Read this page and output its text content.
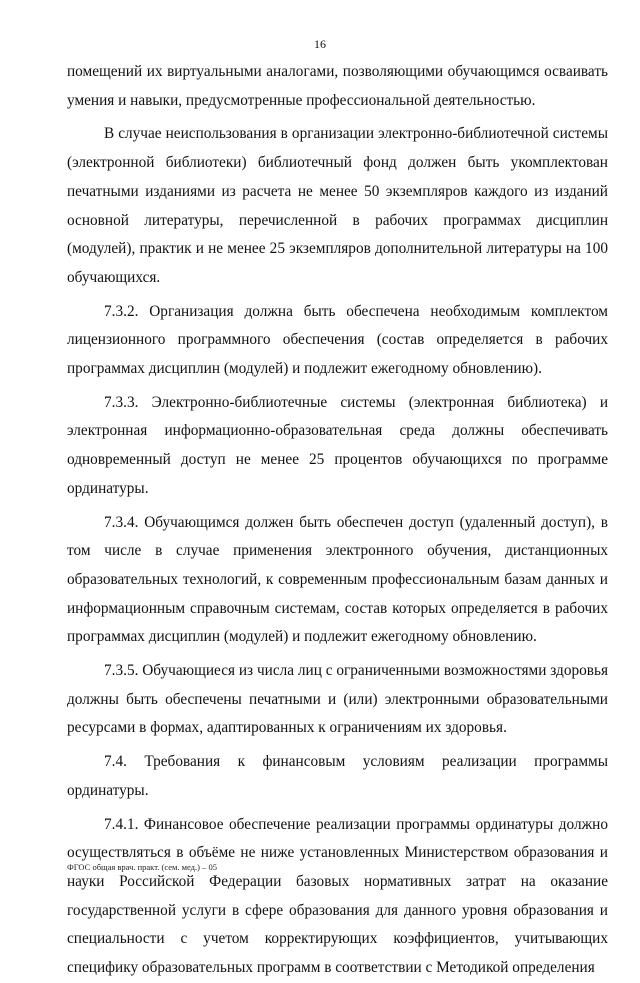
16

помещений их виртуальными аналогами, позволяющими обучающимся осваивать умения и навыки, предусмотренные профессиональной деятельностью.

В случае неиспользования в организации электронно-библиотечной системы (электронной библиотеки) библиотечный фонд должен быть укомплектован печатными изданиями из расчета не менее 50 экземпляров каждого из изданий основной литературы, перечисленной в рабочих программах дисциплин (модулей), практик и не менее 25 экземпляров дополнительной литературы на 100 обучающихся.

7.3.2. Организация должна быть обеспечена необходимым комплектом лицензионного программного обеспечения (состав определяется в рабочих программах дисциплин (модулей) и подлежит ежегодному обновлению).

7.3.3. Электронно-библиотечные системы (электронная библиотека) и электронная информационно-образовательная среда должны обеспечивать одновременный доступ не менее 25 процентов обучающихся по программе ординатуры.

7.3.4. Обучающимся должен быть обеспечен доступ (удаленный доступ), в том числе в случае применения электронного обучения, дистанционных образовательных технологий, к современным профессиональным базам данных и информационным справочным системам, состав которых определяется в рабочих программах дисциплин (модулей) и подлежит ежегодному обновлению.

7.3.5. Обучающиеся из числа лиц с ограниченными возможностями здоровья должны быть обеспечены печатными и (или) электронными образовательными ресурсами в формах, адаптированных к ограничениям их здоровья.

7.4. Требования к финансовым условиям реализации программы ординатуры.

7.4.1. Финансовое обеспечение реализации программы ординатуры должно осуществляться в объёме не ниже установленных Министерством образования и науки Российской Федерации базовых нормативных затрат на оказание государственной услуги в сфере образования для данного уровня образования и специальности с учетом корректирующих коэффициентов, учитывающих специфику образовательных программ в соответствии с Методикой определения

ФГОС общая врач. практ. (сем. мед.) – 05
